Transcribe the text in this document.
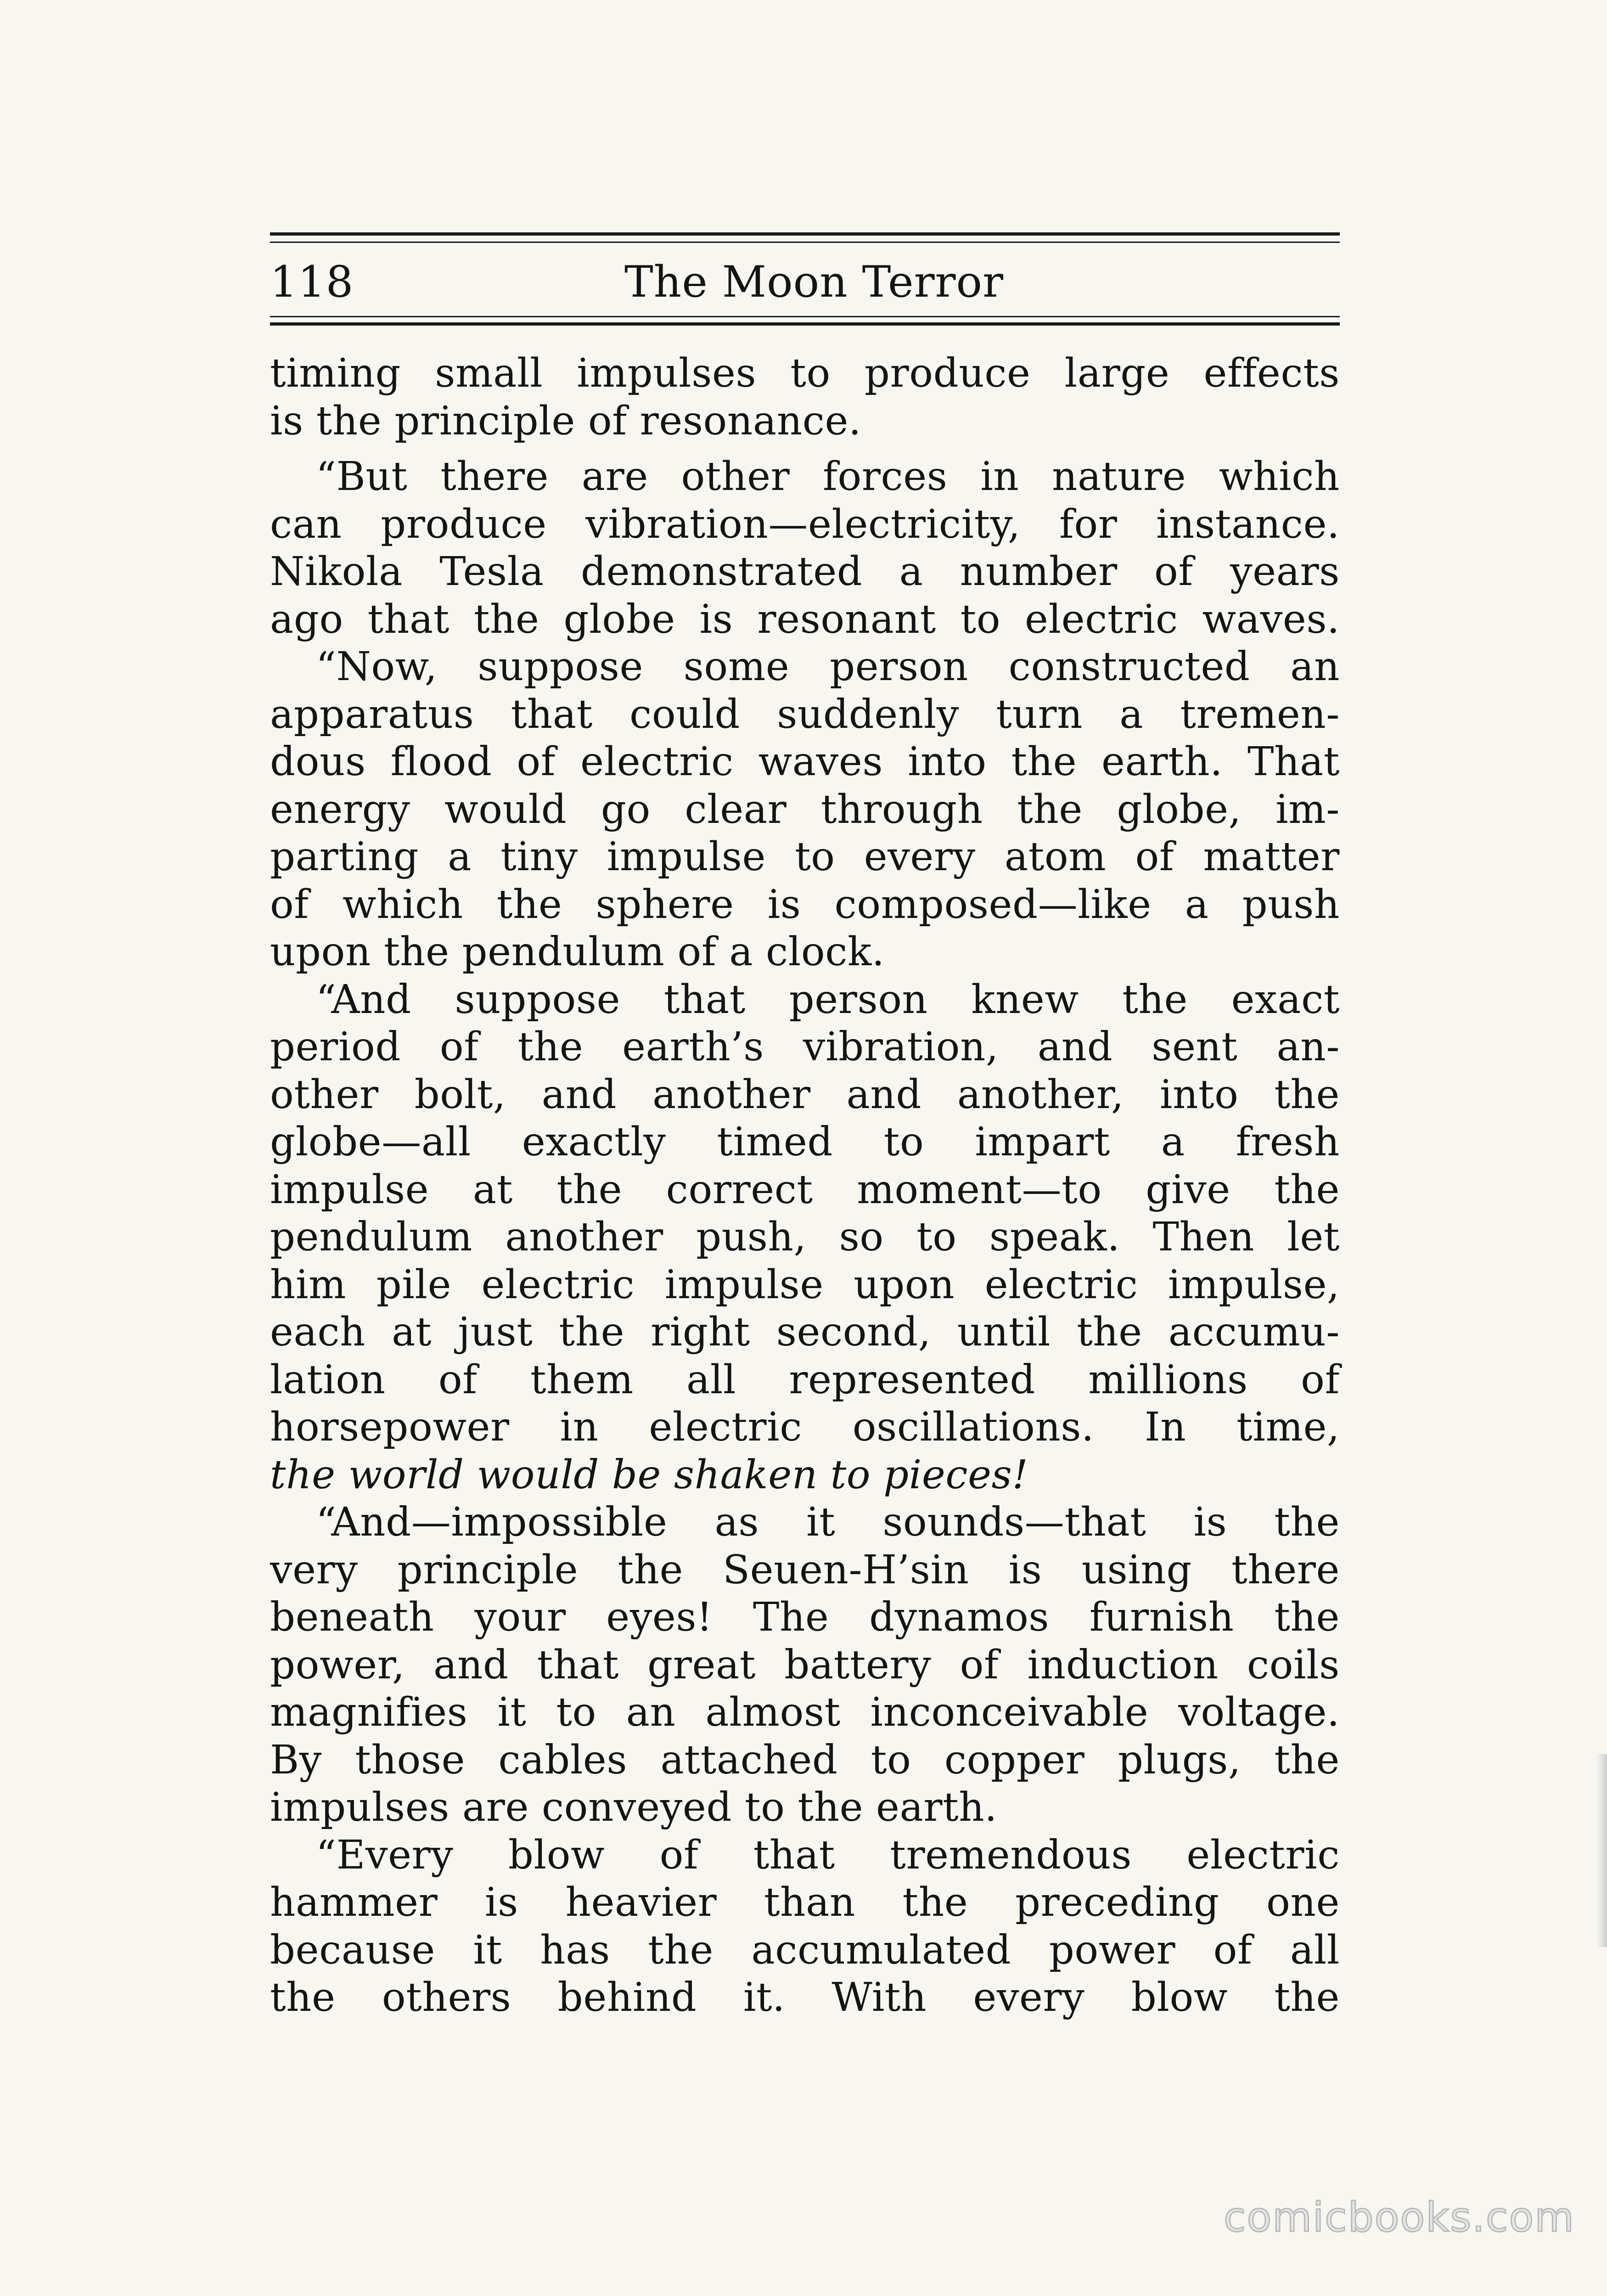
118	The Moon Terror

timing small impulses to produce large effects
is the principle of resonance.

“But there are other forces in nature which
can produce vibration—electricity, for instance.
Nikola Tesla demonstrated a number of years
ago that the globe is resonant to electric waves.

“Now, suppose some person constructed an
apparatus that could suddenly turn a tremen-
dous flood of electric waves into the earth. That
energy would go clear through the globe, im-
parting a tiny impulse to every atom of matter
of which the sphere is composed—like a push
upon the pendulum of a clock.

“And suppose that person knew the exact
period of the earth’s vibration, and sent an-
other bolt, and another and another, into the
globe—all exactly timed to impart a fresh
impulse at the correct moment—to give the
pendulum another push, so to speak. Then let
him pile electric impulse upon electric impulse,
each at just the right second, until the accumu-
lation of them all represented millions of
horsepower in electric oscillations. In time,
the world would be shaken to pieces!

“And—impossible as it sounds—that is the
very principle the Seuen-H’sin is using there
beneath your eyes! The dynamos furnish the
power, and that great battery of induction coils
magnifies it to an almost inconceivable voltage.
By those cables attached to copper plugs, the
impulses are conveyed to the earth.

“Every blow of that tremendous electric
hammer is heavier than the preceding one
because it has the accumulated power of all
the others behind it. With every blow the

comicbooks.com
